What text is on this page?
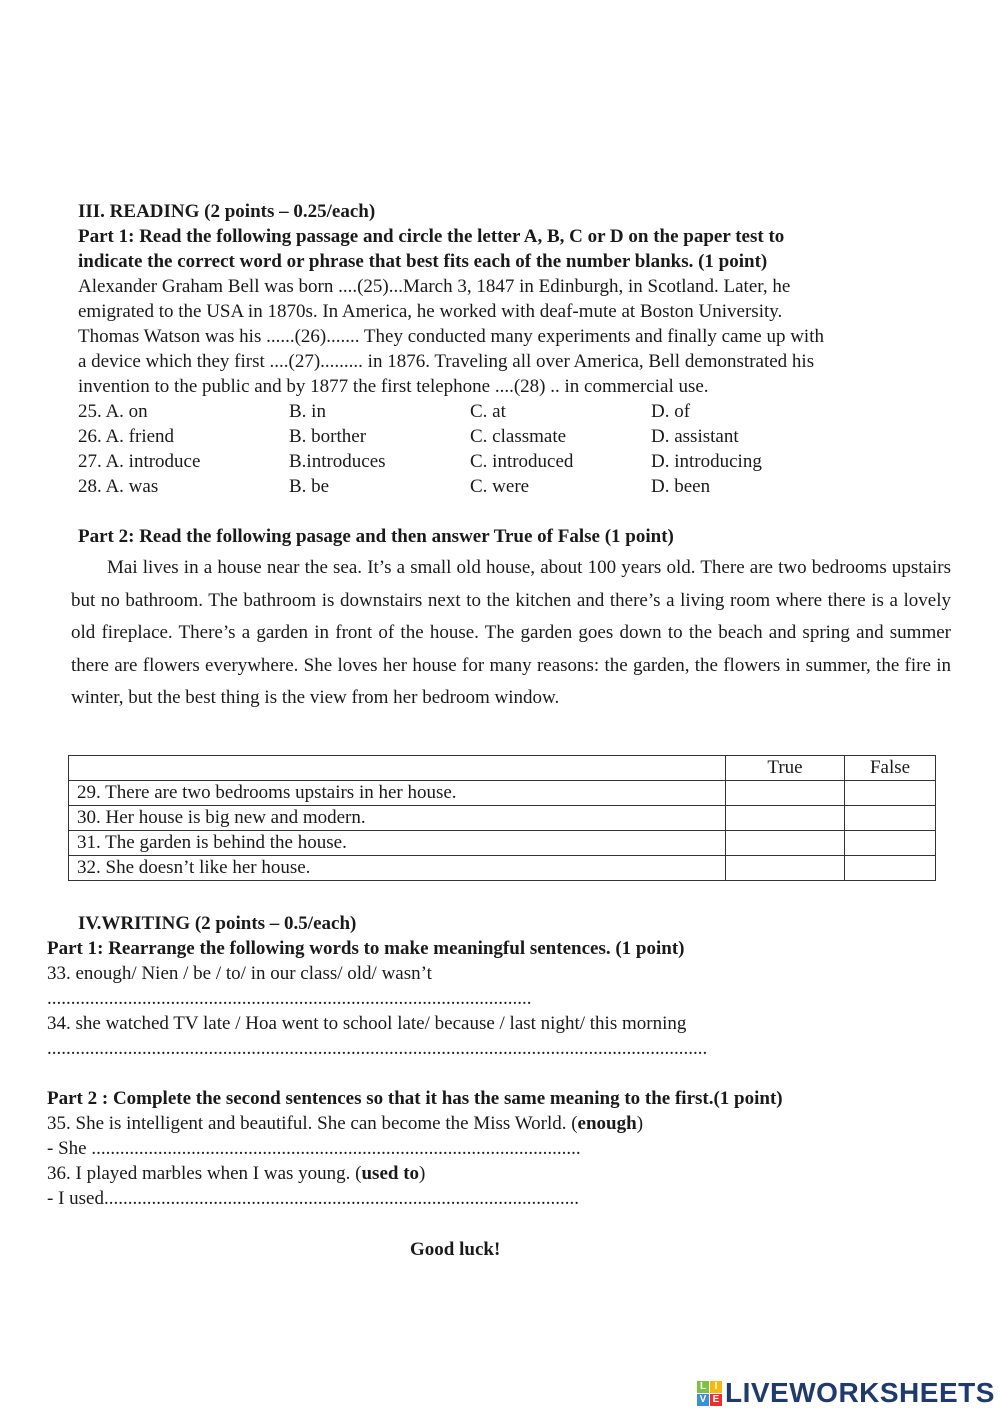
III. READING (2 points – 0.25/each)
Part 1: Read the following passage and circle the letter A, B, C or D on the paper test to
indicate the correct word or phrase that best fits each of the number blanks. (1 point)
Alexander Graham Bell was born ....(25)...March 3, 1847 in Edinburgh, in Scotland. Later, he
emigrated to the USA in 1870s. In America, he worked with deaf-mute at Boston University.
Thomas Watson was his ......(26)....... They conducted many experiments and finally came up with
a device which they first ....(27)......... in 1876. Traveling all over America, Bell demonstrated his
invention to the public and by 1877 the first telephone ....(28) .. in commercial use.
25. A. on	B. in	C. at	D. of
26. A. friend	B. borther	C. classmate	D. assistant
27. A. introduce	B.introduces	C. introduced	D. introducing
28. A. was	B. be	C. were	D. been
Part 2: Read the following pasage and then answer True of False (1 point)
Mai lives in a house near the sea. It’s a small old house, about 100 years old. There are two bedrooms upstairs but no bathroom. The bathroom is downstairs next to the kitchen and there’s a living room where there is a lovely old fireplace. There’s a garden in front of the house. The garden goes down to the beach and spring and summer there are flowers everywhere. She loves her house for many reasons: the garden, the flowers in summer, the fire in winter, but the best thing is the view from her bedroom window.
	True	False
29. There are two bedrooms upstairs in her house.		
30. Her house is big new and modern.		
31. The garden is behind the house.		
32. She doesn’t like her house.		
IV.WRITING (2 points – 0.5/each)
Part 1: Rearrange the following words to make meaningful sentences. (1 point)
33. enough/ Nien / be / to/ in our class/ old/ wasn’t
......................................................................................................
34. she watched TV late / Hoa went to school late/ because / last night/ this morning
...........................................................................................................................................
Part 2 : Complete the second sentences so that it has the same meaning to the first.(1 point)
35. She is intelligent and beautiful. She can become the Miss World. (enough)
- She .......................................................................................................
36. I played marbles when I was young. (used to)
- I used....................................................................................................
Good luck!
L I
V E LIVEWORKSHEETS
